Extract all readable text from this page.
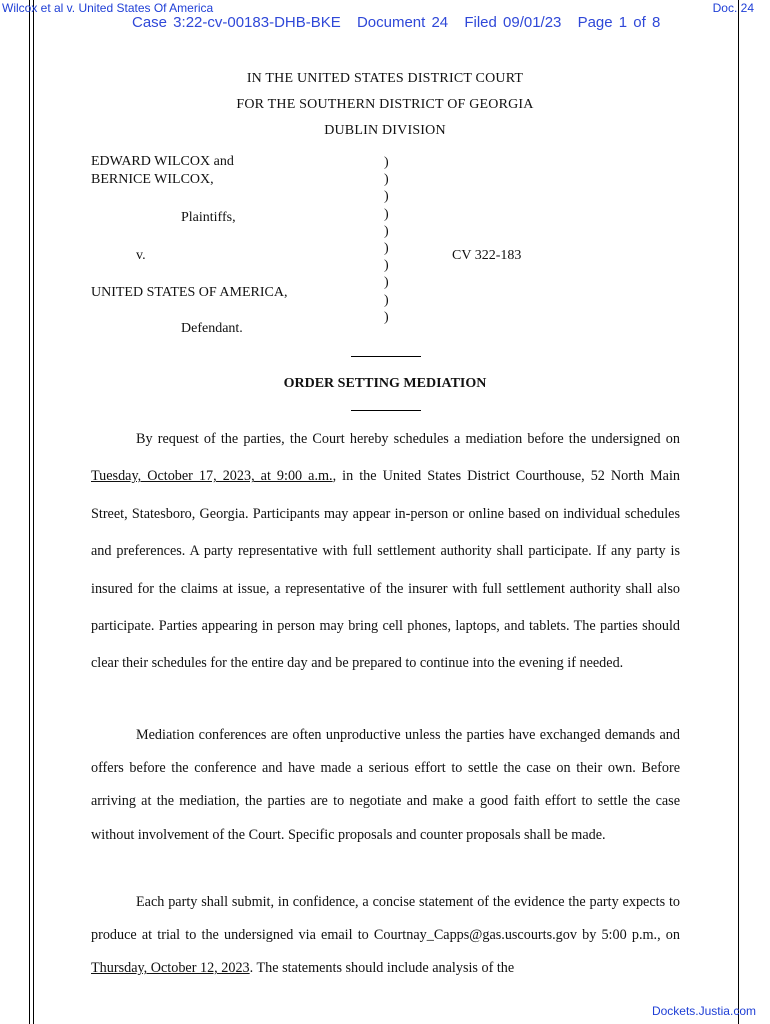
Wilcox et al v. United States Of America	Doc. 24
Case 3:22-cv-00183-DHB-BKE Document 24 Filed 09/01/23 Page 1 of 8
IN THE UNITED STATES DISTRICT COURT
FOR THE SOUTHERN DISTRICT OF GEORGIA
DUBLIN DIVISION
EDWARD WILCOX and
BERNICE WILCOX,
Plaintiffs,
v.
UNITED STATES OF AMERICA,
Defendant.
CV 322-183
)
)
)
)
)
)
)
)
)
)
ORDER SETTING MEDIATION

By request of the parties, the Court hereby schedules a mediation before the undersigned on Tuesday, October 17, 2023, at 9:00 a.m., in the United States District Courthouse, 52 North Main Street, Statesboro, Georgia. Participants may appear in-person or online based on individual schedules and preferences. A party representative with full settlement authority shall participate. If any party is insured for the claims at issue, a representative of the insurer with full settlement authority shall also participate. Parties appearing in person may bring cell phones, laptops, and tablets. The parties should clear their schedules for the entire day and be prepared to continue into the evening if needed.

Mediation conferences are often unproductive unless the parties have exchanged demands and offers before the conference and have made a serious effort to settle the case on their own. Before arriving at the mediation, the parties are to negotiate and make a good faith effort to settle the case without involvement of the Court. Specific proposals and counter proposals shall be made.

Each party shall submit, in confidence, a concise statement of the evidence the party expects to produce at trial to the undersigned via email to Courtnay_Capps@gas.uscourts.gov by 5:00 p.m., on Thursday, October 12, 2023. The statements should include analysis of the

Dockets.Justia.com
